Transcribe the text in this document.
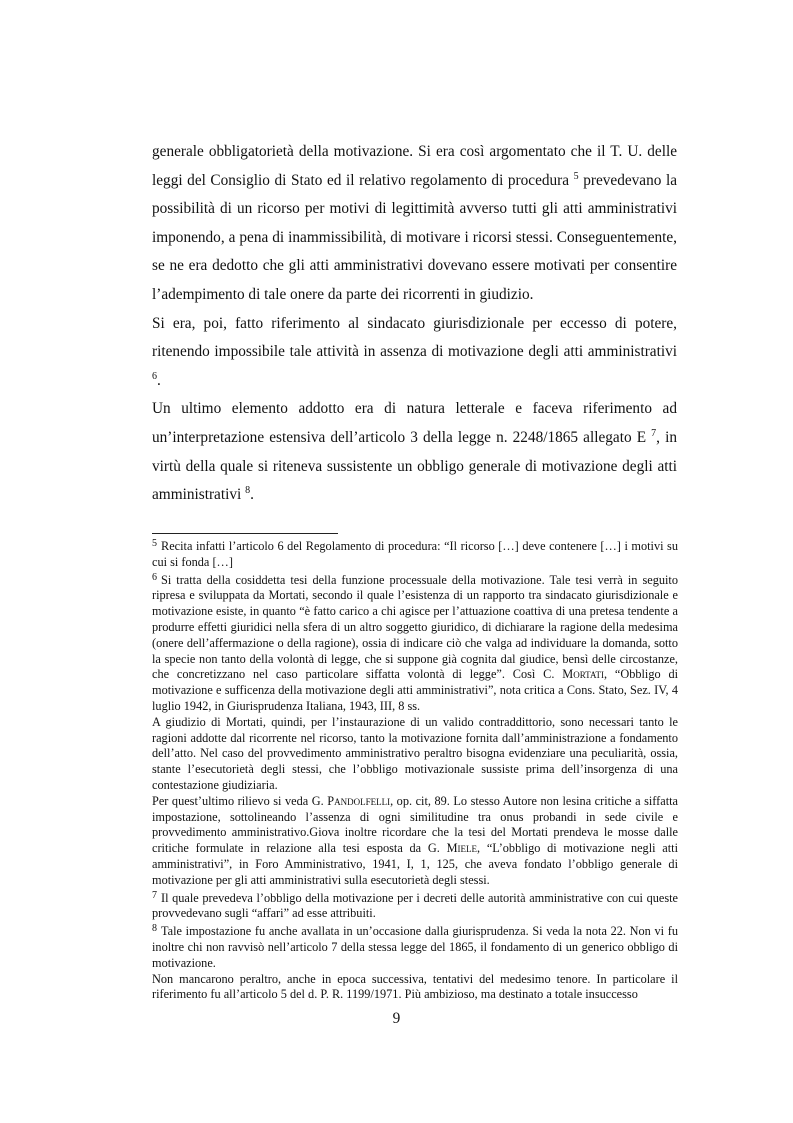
generale obbligatorietà della motivazione. Si era così argomentato che il T. U. delle leggi del Consiglio di Stato ed il relativo regolamento di procedura $^5$ prevedevano la possibilità di un ricorso per motivi di legittimità avverso tutti gli atti amministrativi imponendo, a pena di inammissibilità, di motivare i ricorsi stessi. Conseguentemente, se ne era dedotto che gli atti amministrativi dovevano essere motivati per consentire l’adempimento di tale onere da parte dei ricorrenti in giudizio.

Si era, poi, fatto riferimento al sindacato giurisdizionale per eccesso di potere, ritenendo impossibile tale attività in assenza di motivazione degli atti amministrativi $^6$.

Un ultimo elemento addotto era di natura letterale e faceva riferimento ad un’interpretazione estensiva dell’articolo 3 della legge n. 2248/1865 allegato E $^7$, in virtù della quale si riteneva sussistente un obbligo generale di motivazione degli atti amministrativi $^8$.

$^5$ Recita infatti l’articolo 6 del Regolamento di procedura: “Il ricorso […] deve contenere […] i motivi su cui si fonda […]

$^6$ Si tratta della cosiddetta tesi della funzione processuale della motivazione. Tale tesi verrà in seguito ripresa e sviluppata da Mortati, secondo il quale l’esistenza di un rapporto tra sindacato giurisdizionale e motivazione esiste, in quanto “è fatto carico a chi agisce per l’attuazione coattiva di una pretesa tendente a produrre effetti giuridici nella sfera di un altro soggetto giuridico, di dichiarare la ragione della medesima (onere dell’affermazione o della ragione), ossia di indicare ciò che valga ad individuare la domanda, sotto la specie non tanto della volontà di legge, che si suppone già cognita dal giudice, bensì delle circostanze, che concretizzano nel caso particolare siffatta volontà di legge”. Così C. Mortati, “Obbligo di motivazione e sufficenza della motivazione degli atti amministrativi”, nota critica a Cons. Stato, Sez. IV, 4 luglio 1942, in Giurisprudenza Italiana, 1943, III, 8 ss.

A giudizio di Mortati, quindi, per l’instaurazione di un valido contraddittorio, sono necessari tanto le ragioni addotte dal ricorrente nel ricorso, tanto la motivazione fornita dall’amministrazione a fondamento dell’atto. Nel caso del provvedimento amministrativo peraltro bisogna evidenziare una peculiarità, ossia, stante l’esecutorietà degli stessi, che l’obbligo motivazionale sussiste prima dell’insorgenza di una contestazione giudiziaria.

Per quest’ultimo rilievo si veda G. Pandolfelli, op. cit, 89. Lo stesso Autore non lesina critiche a siffatta impostazione, sottolineando l’assenza di ogni similitudine tra onus probandi in sede civile e provvedimento amministrativo.Giova inoltre ricordare che la tesi del Mortati prendeva le mosse dalle critiche formulate in relazione alla tesi esposta da G. Miele, “L’obbligo di motivazione negli atti amministrativi”, in Foro Amministrativo, 1941, I, 1, 125, che aveva fondato l’obbligo generale di motivazione per gli atti amministrativi sulla esecutorietà degli stessi.

$^7$ Il quale prevedeva l’obbligo della motivazione per i decreti delle autorità amministrative con cui queste provvedevano sugli “affari” ad esse attribuiti.

$^8$ Tale impostazione fu anche avallata in un’occasione dalla giurisprudenza. Si veda la nota 22. Non vi fu inoltre chi non ravvisò nell’articolo 7 della stessa legge del 1865, il fondamento di un generico obbligo di motivazione.

Non mancarono peraltro, anche in epoca successiva, tentativi del medesimo tenore. In particolare il riferimento fu all’articolo 5 del d. P. R. 1199/1971. Più ambizioso, ma destinato a totale insuccesso

9
